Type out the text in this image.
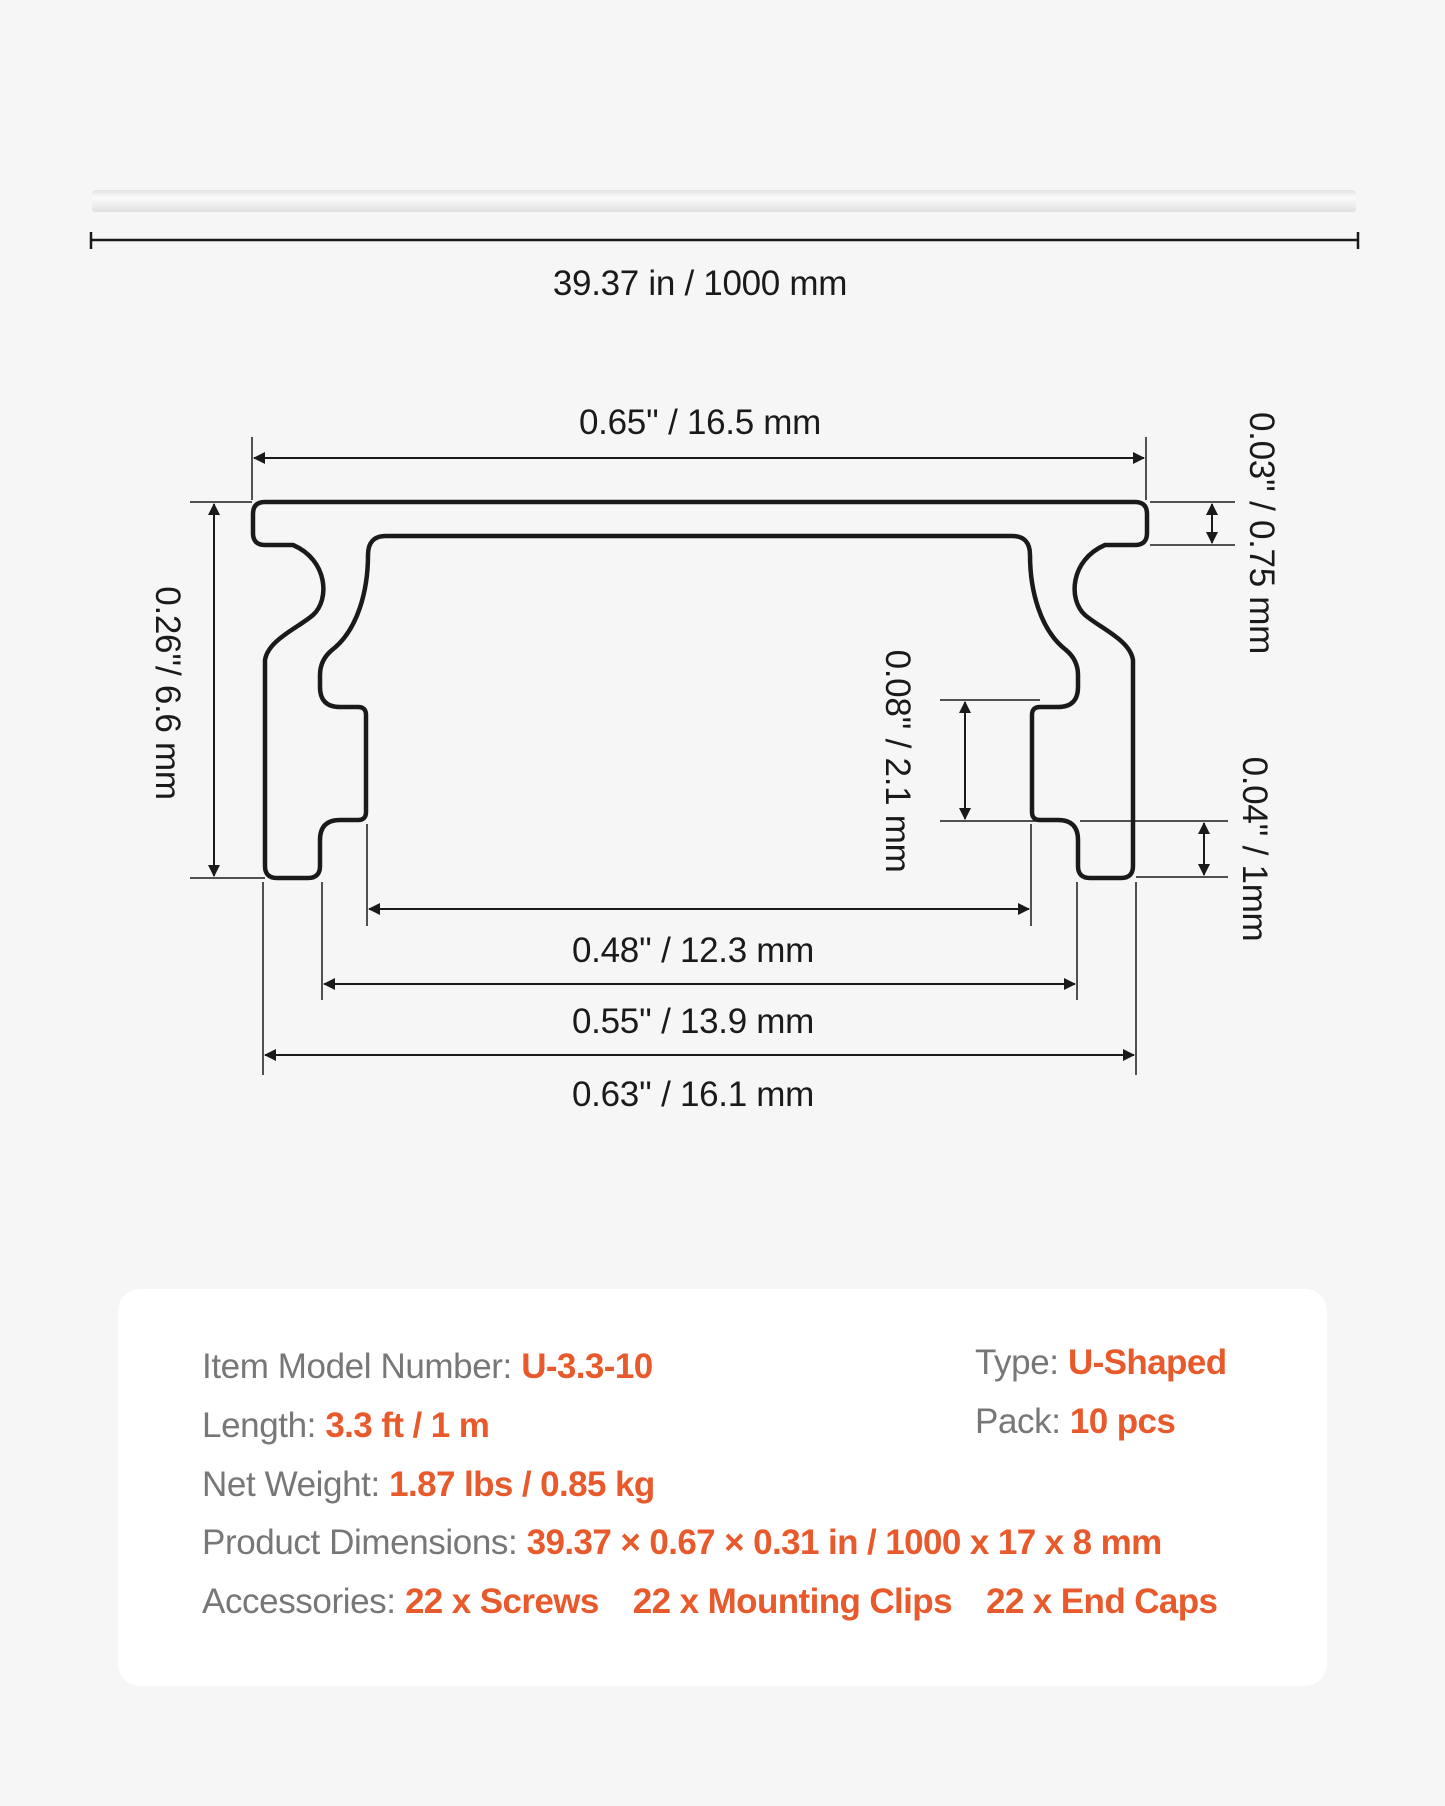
39.37 in / 1000 mm
0.65'' / 16.5 mm
0.48'' / 12.3 mm
0.55'' / 13.9 mm
0.63'' / 16.1 mm
0.26''/ 6.6 mm	0.08'' / 2.1 mm
0.03'' / 0.75 mm
0.04'' / 1mm
Item Model Number: U-3.3-10
Length: 3.3 ft / 1 m
Net Weight: 1.87 lbs / 0.85 kg
Product Dimensions: 39.37 × 0.67 × 0.31 in / 1000 x 17 x 8 mm
Accessories: 22 x Screws 22 x Mounting Clips 22 x End Caps
Type: U-Shaped
Pack: 10 pcs
